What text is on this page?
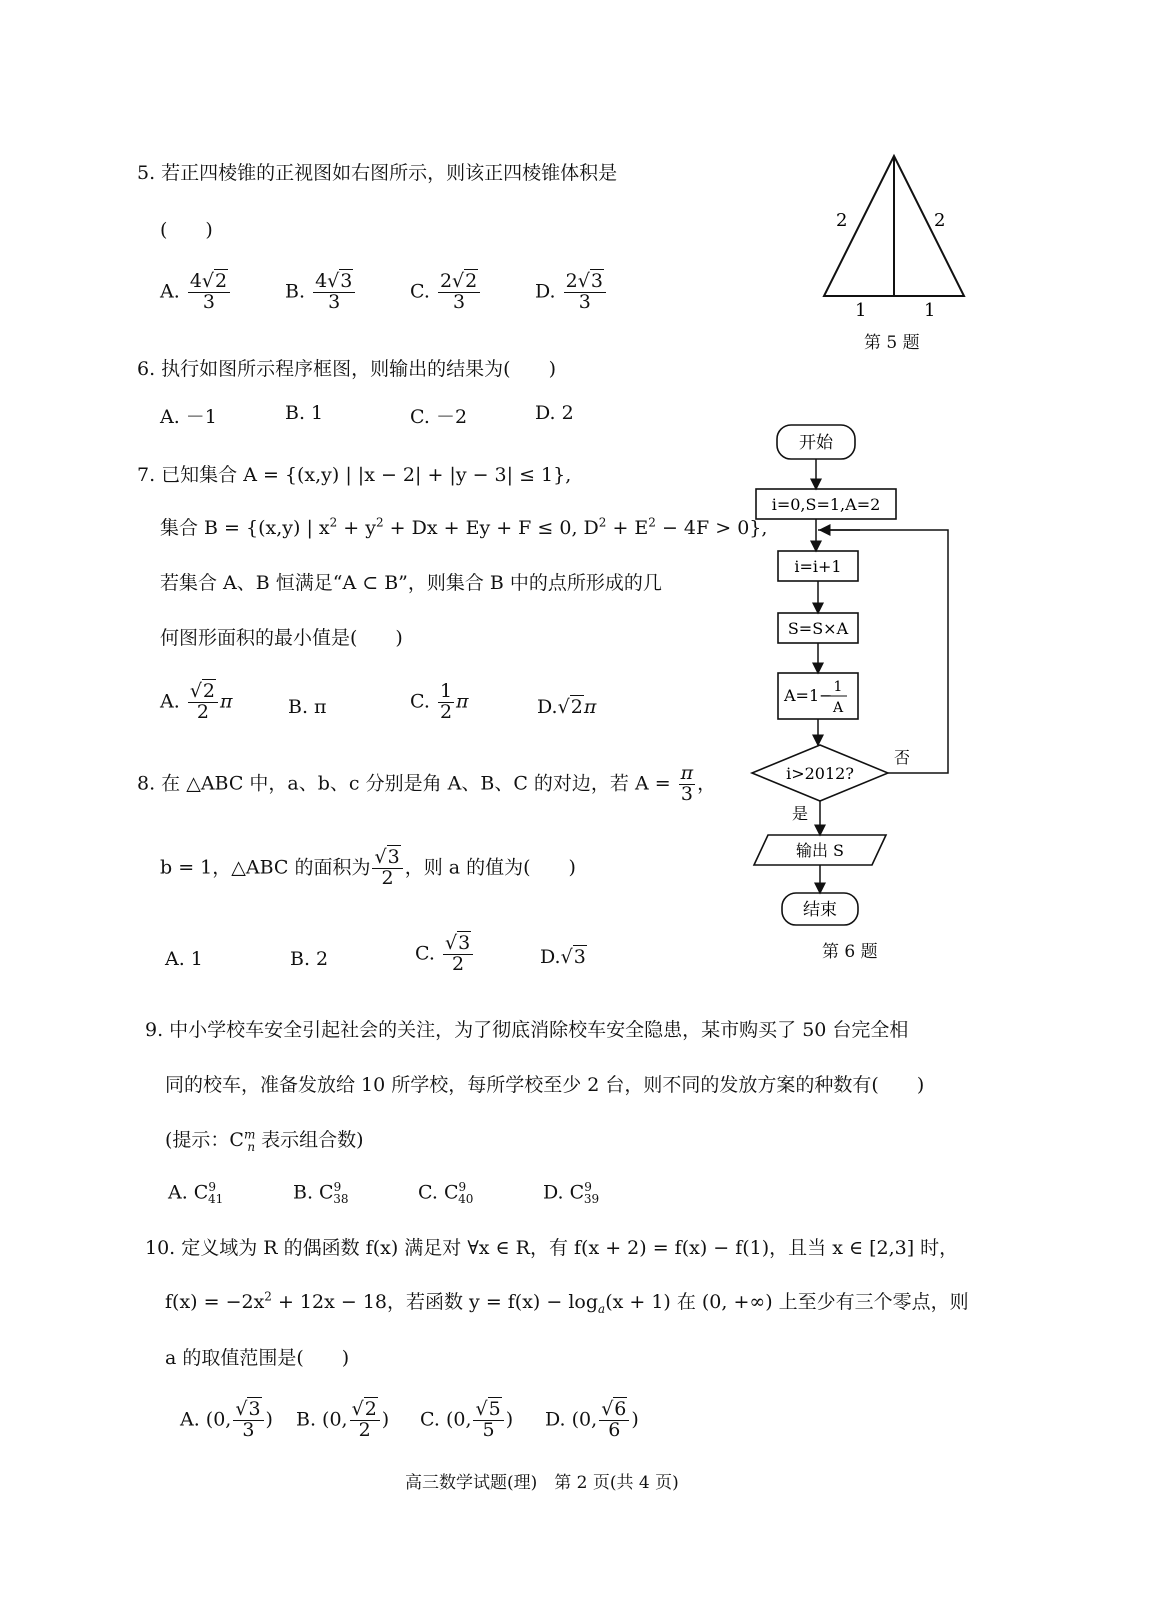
5. 若正四棱锥的正视图如右图所示，则该正四棱锥体积是
(　　)
A. $\frac{4√2}{3}$	B. $\frac{4√3}{3}$	C. $\frac{2√2}{3}$	D. $\frac{2√3}{3}$
2	2
1	1
第 5 题
6. 执行如图所示程序框图，则输出的结果为(　　)
A. －1	B. 1	C. －2	D. 2
开始
i=0,S=1,A=2
i=i+1
S=S×A
A=1− 1
A
i>2012?
否
是
输出 S
结束
第 6 题
7. 已知集合 A = {(x,y) | |x − 2| + |y − 3| ≤ 1},
集合 B = {(x,y) | $x^2 + y^2 + Dx + Ey + F \le 0$, $D^2 + E^2 - 4F > 0$},
若集合 A、B 恒满足“A ⊂ B”，则集合 B 中的点所形成的几
何图形面积的最小值是(　　)
A. $\frac{√2}{2}$ π	B. π	C. $\frac{1}{2}$ π	D.√2π
8. 在 △ABC 中，a、b、c 分别是角 A、B、C 的对边，若 $A = \frac{\pi}{3}$ ，
b = 1，△ABC 的面积为 $\frac{√3}{2}$ ，则 a 的值为(　　)
A. 1	B. 2	C. $\frac{√3}{2}$	D.√3
9. 中小学校车安全引起社会的关注，为了彻底消除校车安全隐患，某市购买了 50 台完全相
同的校车，准备发放给 10 所学校，每所学校至少 2 台，则不同的发放方案的种数有(　　)
(提示：$C^m_n$ 表示组合数)
A. $C^9_{41}$	B. $C^9_{38}$	C. $C^9_{40}$	D. $C^9_{39}$
10. 定义域为 R 的偶函数 f(x) 满足对 ∀x ∈ R，有 f(x + 2) = f(x) − f(1)，且当 x ∈ [2,3] 时，
$f(x) = -2x^2 + 12x - 18$，若函数 $y = f(x) - \log_a(x + 1)$ 在 (0, +∞) 上至少有三个零点，则
a 的取值范围是(　　)
A. (0, $\frac{√3}{3}$ ) B. (0, $\frac{√2}{2}$ ) C. (0, $\frac{√5}{5}$ ) D. (0, $\frac{√6}{6}$ )
高三数学试题(理)　第 2 页(共 4 页)
